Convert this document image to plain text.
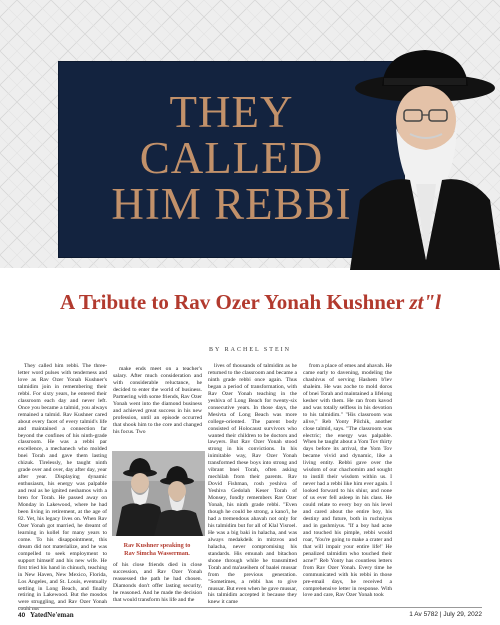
THEY
CALLED
HIM REBBI
A Tribute to Rav Ozer Yonah Kushner zt"l
BY RACHEL STEIN

They called him rebbi. The three-letter word pulses with tenderness and love as Rav Ozer Yonah Kushner's talmidim join in remembering their rebbi. For sixty years, he entered their classroom each day and never left. Once you became a talmid, you always remained a talmid. Rav Kushner cared about every facet of every talmid's life and maintained a connection far beyond the confines of his ninth-grade classroom. He was a rebbi par excellence, a mechanech who molded bnei Torah and gave them lasting chizuk. Tirelessly, he taught ninth grade over and over, day after day, year after year. Displaying dynamic enthusiasm, his energy was palpable and real as he ignited neshamos with a bren for Torah. He passed away on Monday in Lakewood, where he had been living in retirement, at the age of 82. Yet, his legacy lives on. When Rav Ozer Yonah got married, he dreamt of learning in kollel for many years to come. To his disappointment, this dream did not materialize, and he was compelled to seek employment to support himself and his new wife. He first tried his hand in chinuch, teaching in New Haven, New Mexico, Florida, Los Angeles, and St. Louis, eventually settling in Long Beach, and finally retiring in Lakewood. But the mosdos were struggling, and Rav Ozer Yonah could not

make ends meet on a teacher's salary. After much consideration and with considerable reluctance, he decided to enter the world of business. Partnering with some friends, Rav Ozer Yonah went into the diamond business and achieved great success in his new profession, until an episode occurred that shook him to the core and changed his focus. Two

Rav Kushner speaking to
Rav Simcha Wasserman.
of his close friends died in close succession, and Rav Ozer Yonah reassessed the path he had chosen. Diamonds don't offer lasting security, he reasoned. And he made the decision that would transform his life and the

lives of thousands of talmidim as he returned to the classroom and became a ninth grade rebbi once again. Thus began a period of transformation, with Rav Ozer Yonah teaching in the yeshiva of Long Beach for twenty-six consecutive years. In those days, the Mesivta of Long Beach was more college-oriented. The parent body consisted of Holocaust survivors who wanted their children to be doctors and lawyers. But Rav Ozer Yonah stood strong in his convictions. In his inimitable way, Rav Ozer Yonah transformed these boys into strong and vibrant bnei Torah, often asking mechilah from their parents. Rav Dovid Fishman, rosh yeshiva of Yeshiva Gedolah Keser Torah of Monsey, fondly remembers Rav Ozer Yonah, his ninth grade rebbi. "Even though he could be strong, a kano'i, he had a tremendous ahavah not only for his talmidim but for all of Klal Yisroel. He was a big baki in halacha, and was always medakdeik in mitzvos and halacha, never compromising his standards. His emunah and bitachon shone through while he transmitted Torah and ma'aseihem of baalei mussar from the previous generation. "Sometimes, a rebbi has to give mussar. But even when he gave mussar, his talmidim accepted it because they knew it came

from a place of emes and ahavah. He came early to davening, modeling the chashivus of serving Hashem b'lev shaleim. He was zoche to mold doros of bnei Torah and maintained a lifelong kesher with them. He ran from kavod and was totally selfless in his devotion to his talmidim." "His classroom was alive," Reb Yonty Pilchik, another close talmid, says. "The classroom was electric; the energy was palpable. When he taught about a Yom Tov thirty days before its arrival, the Yom Tov became vivid and dynamic, like a living entity. Rebbi gave over the wisdom of our chachomim and sought to instill their wisdom within us. I never had a rebbi like him ever again. I looked forward to his shiur, and none of us ever fell asleep in his class. He could relate to every boy on his level and cared about the entire boy, his destiny and future, both in ruchniyus and in gashmiyus. "If a boy had acne and touched his pimple, rebbi would roar, 'You're going to make a crater and that will impair your entire life!' He penalized talmidim who touched their acne!" Reb Yonty has countless letters from Rav Ozer Yonah. Every time he communicated with his rebbi in those pre-email days, he received a comprehensive letter in response. With love and care, Rav Ozer Yonah took

40 YatedNe'eman	1 Av 5782 | July 29, 2022
